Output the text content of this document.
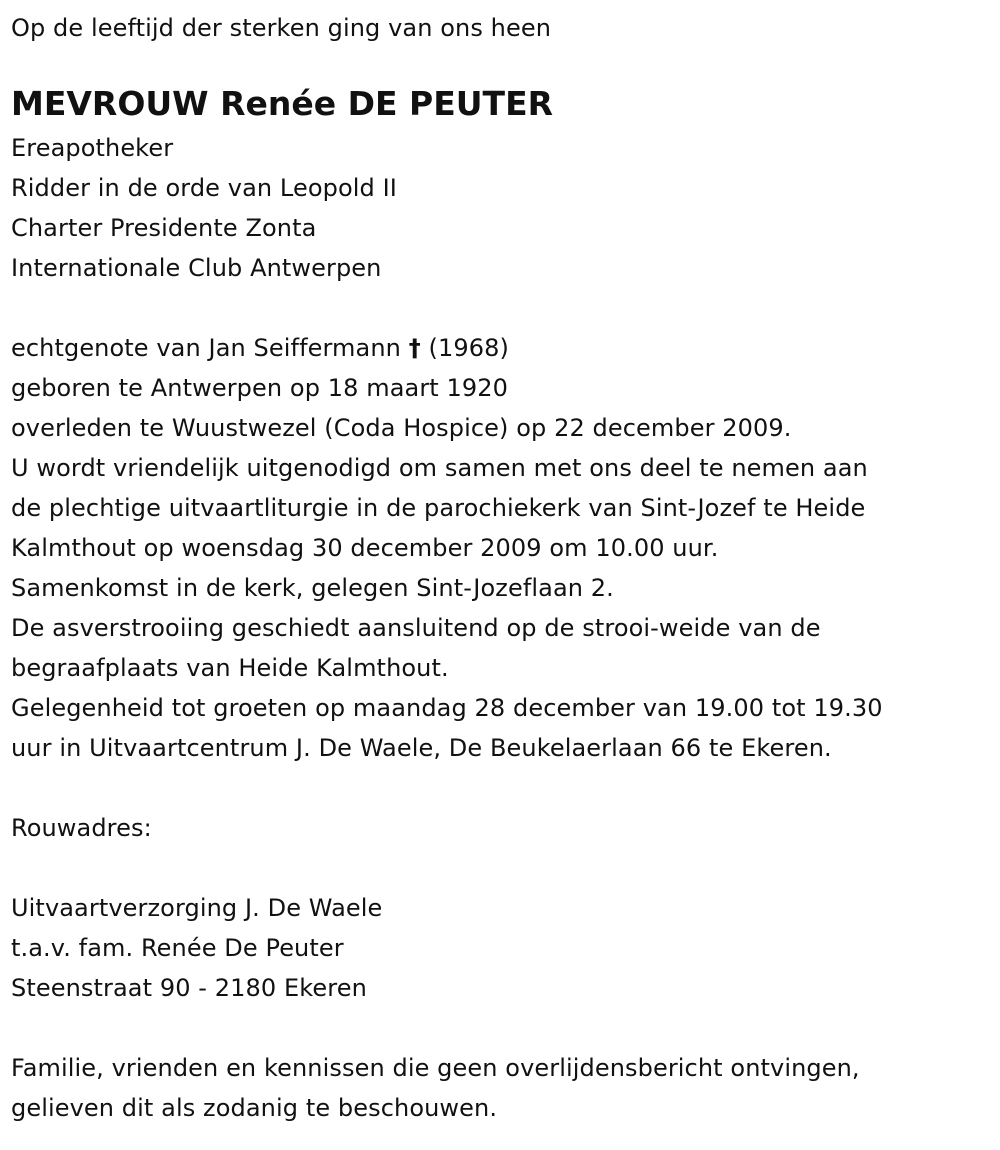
Op de leeftijd der sterken ging van ons heen
MEVROUW Renée DE PEUTER
Ereapotheker
Ridder in de orde van Leopold II
Charter Presidente Zonta
Internationale Club Antwerpen
echtgenote van Jan Seiffermann † (1968)
geboren te Antwerpen op 18 maart 1920
overleden te Wuustwezel (Coda Hospice) op 22 december 2009.
U wordt vriendelijk uitgenodigd om samen met ons deel te nemen aan
de plechtige uitvaartliturgie in de parochiekerk van Sint-Jozef te Heide
Kalmthout op woensdag 30 december 2009 om 10.00 uur.
Samenkomst in de kerk, gelegen Sint-Jozeflaan 2.
De asverstrooiing geschiedt aansluitend op de strooi-weide van de
begraafplaats van Heide Kalmthout.
Gelegenheid tot groeten op maandag 28 december van 19.00 tot 19.30
uur in Uitvaartcentrum J. De Waele, De Beukelaerlaan 66 te Ekeren.
Rouwadres:
Uitvaartverzorging J. De Waele
t.a.v. fam. Renée De Peuter
Steenstraat 90 - 2180 Ekeren
Familie, vrienden en kennissen die geen overlijdensbericht ontvingen,
gelieven dit als zodanig te beschouwen.
